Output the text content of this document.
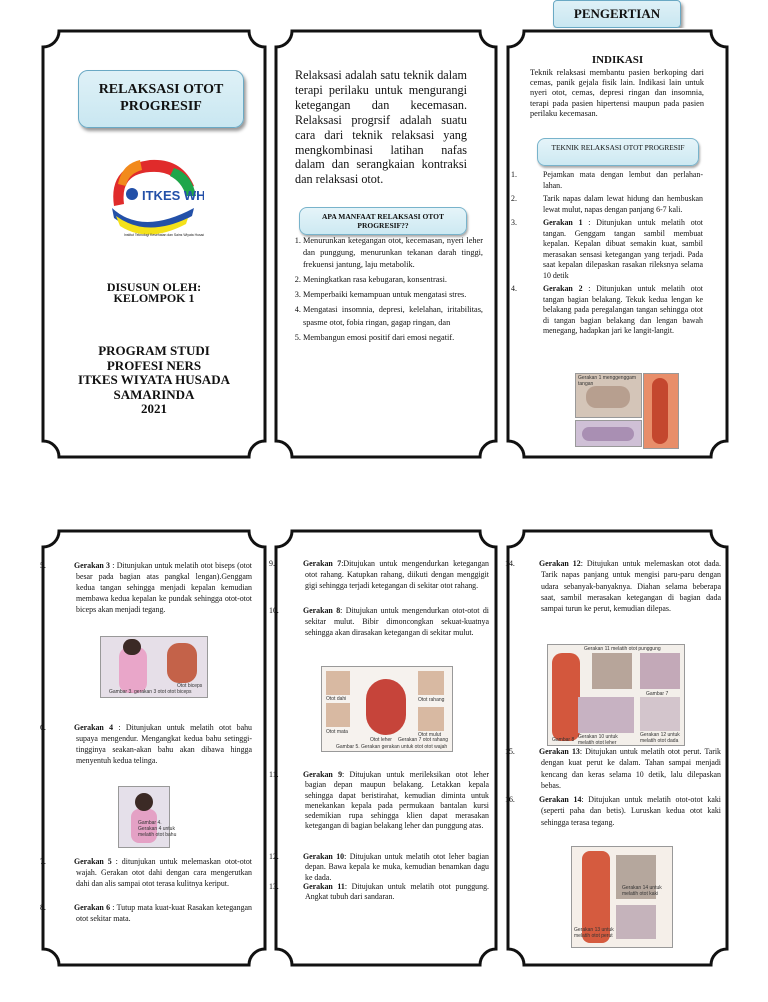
PENGERTIAN
RELAKSASI OTOT PROGRESIF
ITKES WH
Institut Teknologi Kesehatan dan Sains Wiyata Husa
DISUSUN OLEH:
KELOMPOK 1
PROGRAM STUDI
PROFESI NERS
ITKES WIYATA HUSADA
SAMARINDA
2021
Relaksasi adalah satu teknik dalam terapi perilaku untuk mengurangi ketegangan dan kecemasan. Relaksasi progrsif adalah suatu cara dari teknik relaksasi yang mengkombinasi latihan nafas dalam dan serangkaian kontraksi dan relaksasi otot.
APA MANFAAT RELAKSASI OTOT PROGRESIF??
1. Menurunkan ketegangan otot, kecemasan, nyeri leher dan punggung, menurunkan tekanan darah tinggi, frekuensi jantung, laju metabolik.
2. Meningkatkan rasa kebugaran, konsentrasi.
3. Memperbaiki kemampuan untuk mengatasi stres.
4. Mengatasi insomnia, depresi, kelelahan, iritabilitas, spasme otot, fobia ringan, gagap ringan, dan
5. Membangun emosi positif dari emosi negatif.
INDIKASI
Teknik relaksasi membantu pasien berkoping dari cemas, panik gejala fisik lain. Indikasi lain untuk nyeri otot, cemas, depresi ringan dan insomnia, terapi pada pasien hipertensi maupun pada pasien perilaku kecemasan.
TEKNIK RELAKSASI OTOT PROGRESIF
1.	Pejamkan mata dengan lembut dan perlahan-lahan.
2.	Tarik napas dalam lewat hidung dan hembuskan lewat mulut, napas dengan panjang 6-7 kali.
3.	Gerakan 1 : Ditunjukan untuk melatih otot tangan. Genggam tangan sambil membuat kepalan. Kepalan dibuat semakin kuat, sambil merasakan sensasi ketegangan yang terjadi. Pada saat kepalan dilepaskan rasakan rileksnya selama 10 detik
4.	Gerakan 2 : Ditunjukan untuk melatih otot tangan bagian belakang. Tekuk kedua lengan ke belakang pada peregalangan tangan sehingga otot di tangan bagian belakang dan lengan bawah menegang, hadapkan jari ke langit-langit.
Gerakan 1 menggenggam tangan
5.	Gerakan 3 : Ditunjukan untuk melatih otot biseps (otot besar pada bagian atas pangkal lengan).Genggam kedua tangan sehingga menjadi kepalan kemudian membawa kedua kepalan ke pundak sehingga otot-otot biceps akan menjadi tegang.
Otot biceps
Gambar 3. gerakan 3 otot otot biceps
6.	Gerakan 4 : Ditunjukan untuk melatih otot bahu supaya mengendur. Mengangkat kedua bahu setinggi-tingginya seakan-akan bahu akan dibawa hingga menyentuh kedua telinga.
Gambar 4. Gerakan 4 untuk melatih otot bahu
7.	Gerakan 5 : ditunjukan untuk melemaskan otot-otot wajah. Gerakan otot dahi dengan cara mengerutkan dahi dan alis sampai otot terasa kulitnya keriput.
8.	Gerakan 6 : Tutup mata kuat-kuat Rasakan ketegangan otot sekitar mata.
9.	Gerakan 7:Ditujukan untuk mengendurkan ketegangan otot rahang. Katupkan rahang, diikuti dengan menggigit gigi sehingga terjadi ketegangan di sekitar otot rahang.
10.	Gerakan 8: Ditujukan untuk mengendurkan otot-otot di sekitar mulut. Bibir dimoncongkan sekuat-kuatnya sehingga akan dirasakan ketegangan di sekitar mulut.
Otot dahi
Otot mata
Otot rahang
Otot mulut
Otot leher Gerakan 7 otot rahang
Gambar 5. Gerakan gerakan untuk otot otot wajah
11.	Gerakan 9: Ditujukan untuk merileksikan otot leher bagian depan maupun belakang. Letakkan kepala sehingga dapat beristirahat, kemudian diminta untuk menekankan kepala pada permukaan bantalan kursi sedemikian rupa sehingga klien dapat merasakan ketegangan di bagian belakang leher dan punggung atas.
12.	Gerakan 10: Ditujukan untuk melatih otot leher bagian depan. Bawa kepala ke muka, kemudian benamkan dagu ke dada.
13.	Gerakan 11: Ditujukan untuk melatih otot punggung. Angkat tubuh dari sandaran.
14.	Gerakan 12: Ditujukan untuk melemaskan otot dada. Tarik napas panjang untuk mengisi paru-paru dengan udara sebanyak-banyaknya. Diahan selama beberapa saat, sambil merasakan ketegangan di bagian dada sampai turun ke perut, kemudian dilepas.
Gerakan 11 melatih otot punggung
Gerakan 10 untuk melatih otot leher
Gerakan 12 untuk melatih otot dada
Gambar 7
Gambar 8
15.	Gerakan 13: Ditujukan untuk melatih otot perut. Tarik dengan kuat perut ke dalam. Tahan sampai menjadi kencang dan keras selama 10 detik, lalu dilepaskan bebas.
16.	Gerakan 14: Ditujukan untuk melatih otot-otot kaki (seperti paha dan betis). Luruskan kedua otot kaki sehingga terasa tegang.
Gerakan 14 untuk melatih otot kaki
Gerakan 13 untuk melatih otot perut
